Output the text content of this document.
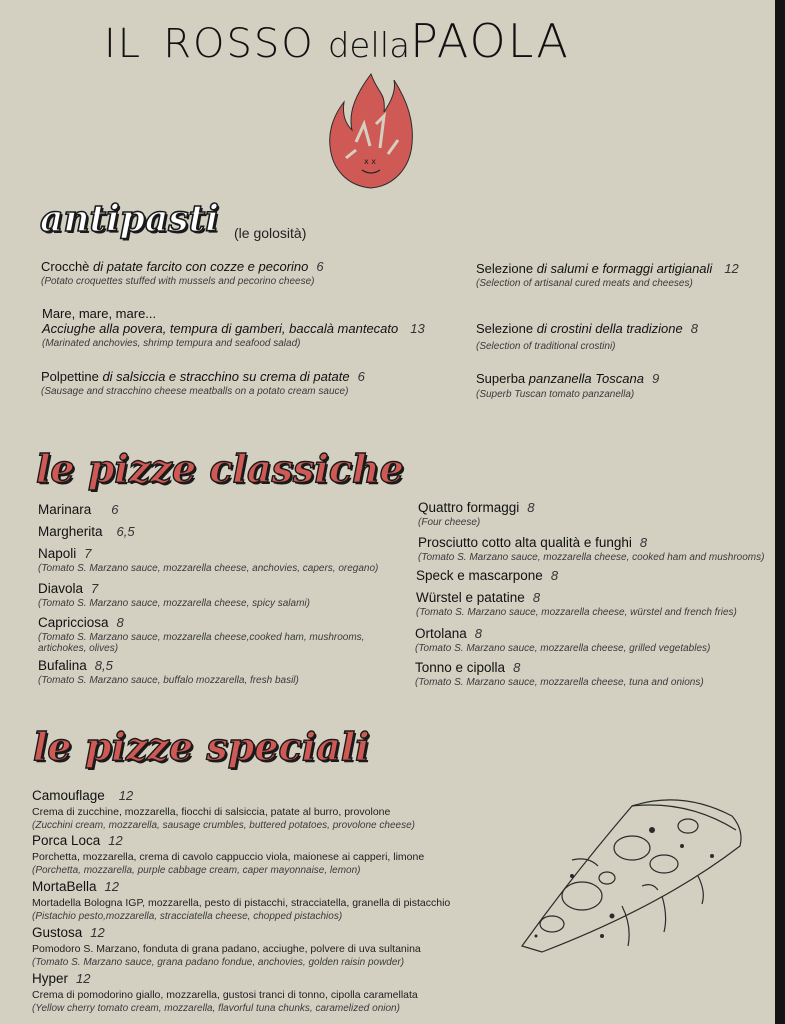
IL ROSSO dellaPAOLA
x x
antipasti (le golosità)
Crocchè di patate farcito con cozze e pecorino 6
(Potato croquettes stuffed with mussels and pecorino cheese)
Mare, mare, mare...
Acciughe alla povera, tempura di gamberi, baccalà mantecato 13
(Marinated anchovies, shrimp tempura and seafood salad)
Polpettine di salsiccia e stracchino su crema di patate 6
(Sausage and stracchino cheese meatballs on a potato cream sauce)
Selezione di salumi e formaggi artigianali 12
(Selection of artisanal cured meats and cheeses)
Selezione di crostini della tradizione 8
(Selection of traditional crostini)
Superba panzanella Toscana 9
(Superb Tuscan tomato panzanella)
le pizze classiche
Marinara 6
Margherita 6,5
Napoli 7
(Tomato S. Marzano sauce, mozzarella cheese, anchovies, capers, oregano)
Diavola 7
(Tomato S. Marzano sauce, mozzarella cheese, spicy salami)
Capricciosa 8
(Tomato S. Marzano sauce, mozzarella cheese,cooked ham, mushrooms,
artichokes, olives)
Bufalina 8,5
(Tomato S. Marzano sauce, buffalo mozzarella, fresh basil)
Quattro formaggi 8
(Four cheese)
Prosciutto cotto alta qualità e funghi 8
(Tomato S. Marzano sauce, mozzarella cheese, cooked ham and mushrooms)
Speck e mascarpone 8
Würstel e patatine 8
(Tomato S. Marzano sauce, mozzarella cheese, würstel and french fries)
Ortolana 8
(Tomato S. Marzano sauce, mozzarella cheese, grilled vegetables)
Tonno e cipolla 8
(Tomato S. Marzano sauce, mozzarella cheese, tuna and onions)
le pizze speciali
Camouflage 12
Crema di zucchine, mozzarella, fiocchi di salsiccia, patate al burro, provolone
(Zucchini cream, mozzarella, sausage crumbles, buttered potatoes, provolone cheese)
Porca Loca 12
Porchetta, mozzarella, crema di cavolo cappuccio viola, maionese ai capperi, limone
(Porchetta, mozzarella, purple cabbage cream, caper mayonnaise, lemon)
MortaBella 12
Mortadella Bologna IGP, mozzarella, pesto di pistacchi, stracciatella, granella di pistacchio
(Pistachio pesto,mozzarella, stracciatella cheese, chopped pistachios)
Gustosa 12
Pomodoro S. Marzano, fonduta di grana padano, acciughe, polvere di uva sultanina
(Tomato S. Marzano sauce, grana padano fondue, anchovies, golden raisin powder)
Hyper 12
Crema di pomodorino giallo, mozzarella, gustosi tranci di tonno, cipolla caramellata
(Yellow cherry tomato cream, mozzarella, flavorful tuna chunks, caramelized onion)
